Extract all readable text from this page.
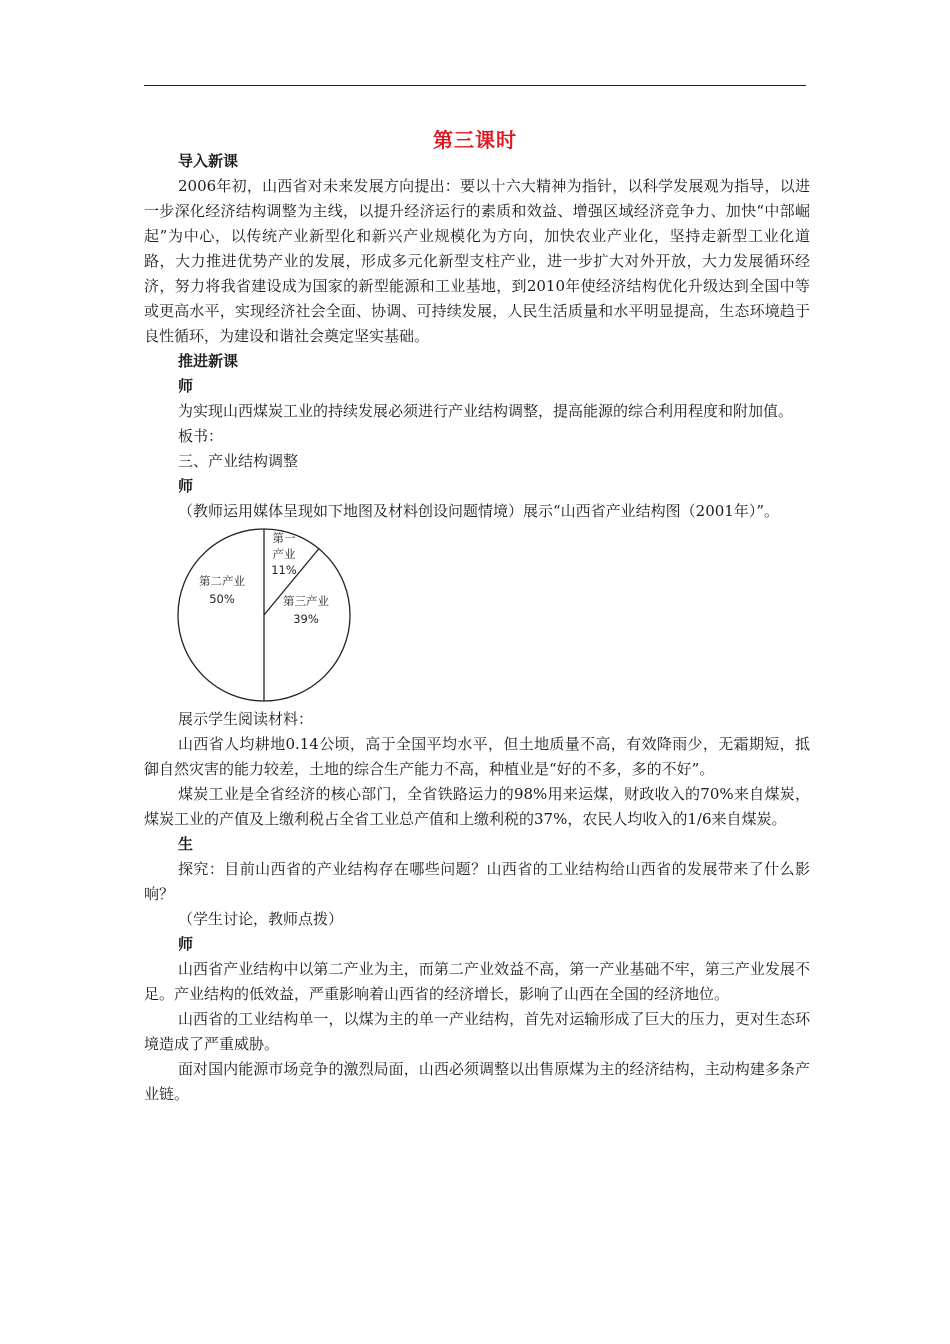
第三课时

导入新课

2006年初，山西省对未来发展方向提出：要以十六大精神为指针，以科学发展观为指导，以进一步深化经济结构调整为主线，以提升经济运行的素质和效益、增强区域经济竞争力、加快“中部崛起”为中心，以传统产业新型化和新兴产业规模化为方向，加快农业产业化，坚持走新型工业化道路，大力推进优势产业的发展，形成多元化新型支柱产业，进一步扩大对外开放，大力发展循环经济，努力将我省建设成为国家的新型能源和工业基地，到2010年使经济结构优化升级达到全国中等或更高水平，实现经济社会全面、协调、可持续发展，人民生活质量和水平明显提高，生态环境趋于良性循环，为建设和谐社会奠定坚实基础。

推进新课

师

为实现山西煤炭工业的持续发展必须进行产业结构调整，提高能源的综合利用程度和附加值。

板书：

三、产业结构调整

师

（教师运用媒体呈现如下地图及材料创设问题情境）展示“山西省产业结构图（2001年）”。

第一产业 11%
第三产业 39%
第二产业 50%

展示学生阅读材料：

山西省人均耕地0.14公顷，高于全国平均水平，但土地质量不高，有效降雨少，无霜期短，抵御自然灾害的能力较差，土地的综合生产能力不高，种植业是“好的不多，多的不好”。

煤炭工业是全省经济的核心部门，全省铁路运力的98%用来运煤，财政收入的70%来自煤炭，煤炭工业的产值及上缴利税占全省工业总产值和上缴利税的37%，农民人均收入的1/6来自煤炭。

生

探究：目前山西省的产业结构存在哪些问题？山西省的工业结构给山西省的发展带来了什么影响？

（学生讨论，教师点拨）

师

山西省产业结构中以第二产业为主，而第二产业效益不高，第一产业基础不牢，第三产业发展不足。产业结构的低效益，严重影响着山西省的经济增长，影响了山西在全国的经济地位。

山西省的工业结构单一，以煤为主的单一产业结构，首先对运输形成了巨大的压力，更对生态环境造成了严重威胁。

面对国内能源市场竞争的激烈局面，山西必须调整以出售原煤为主的经济结构，主动构建多条产业链。
